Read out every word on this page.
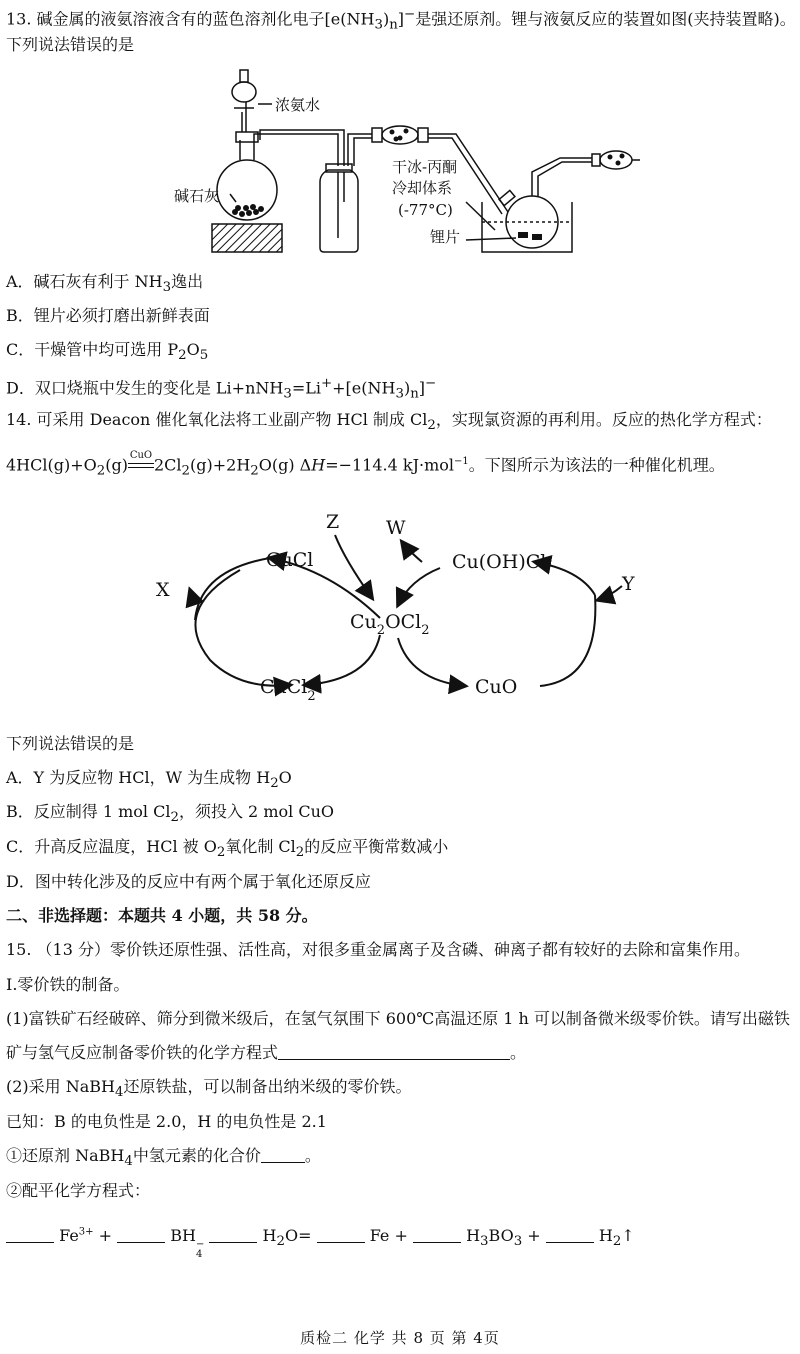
13. 碱金属的液氨溶液含有的蓝色溶剂化电子$[e(NH_3)_n]^-$是强还原剂。锂与液氨反应的装置如图(夹持装置略)。
下列说法错误的是
浓氨水
碱石灰
干冰-丙酮
冷却体系
(-77°C)
锂片
A．碱石灰有利于 $NH_3$逸出
B．锂片必须打磨出新鲜表面
C．干燥管中均可选用 $P_2O_5$
D．双口烧瓶中发生的变化是 $Li+nNH_3=Li^++[e(NH_3)_n]^-$
14. 可采用 Deacon 催化氧化法将工业副产物 HCl 制成 $Cl_2$，实现氯资源的再利用。反应的热化学方程式：
$4HCl(g)+O_2(g)$ CuO $2Cl_2(g)+2H_2O(g)$ ΔH=−114.4 kJ·mol$^{-1}$。下图所示为该法的一种催化机理。
Z W
X	Y
CuCl	Cu(OH)Cl
$Cu_2OCl_2$
CuCl$_2$	CuO
下列说法错误的是
A．Y 为反应物 HCl，W 为生成物 $H_2O$
B．反应制得 1 mol $Cl_2$，须投入 2 mol CuO
C．升高反应温度，HCl 被 $O_2$氧化制 $Cl_2$的反应平衡常数减小
D．图中转化涉及的反应中有两个属于氧化还原反应
二、非选择题：本题共 4 小题，共 58 分。
15. （13 分）零价铁还原性强、活性高，对很多重金属离子及含磷、砷离子都有较好的去除和富集作用。
I.零价铁的制备。
(1)富铁矿石经破碎、筛分到微米级后，在氢气氛围下 600℃高温还原 1 h 可以制备微米级零价铁。请写出磁铁
矿与氢气反应制备零价铁的化学方程式	。
(2)采用 NaBH$_4$还原铁盐，可以制备出纳米级的零价铁。
已知：B 的电负性是 2.0，H 的电负性是 2.1
①还原剂 NaBH$_4$中氢元素的化合价	。
②配平化学方程式：
$Fe^{3+}$ +	BH −
4
$H_2O=$	Fe +	$H_3BO_3$ +	$H_2↑$
质检二 化学 共 8 页 第 4页
